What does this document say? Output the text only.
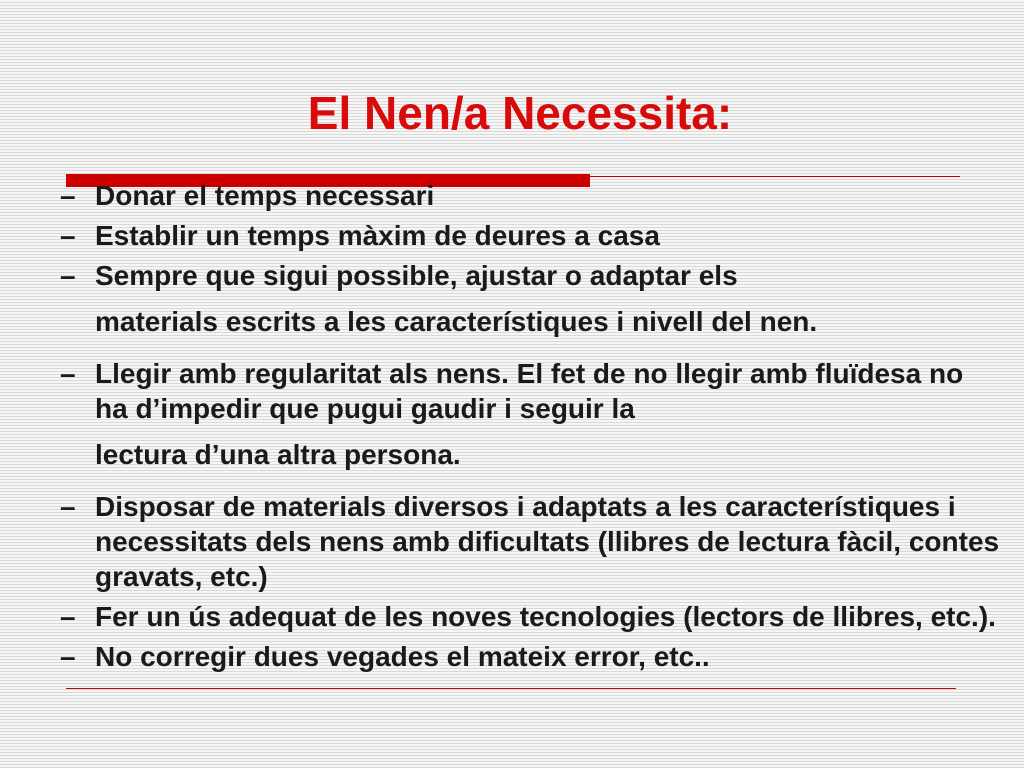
El Nen/a Necessita:
– Donar el temps necessari
– Establir un temps màxim de deures a casa
– Sempre que sigui possible, ajustar o adaptar els
materials escrits a les característiques i nivell del nen.
– Llegir amb regularitat als nens. El fet de no llegir amb fluïdesa no ha d’impedir que pugui gaudir i seguir la
lectura d’una altra persona.
– Disposar de materials diversos i adaptats a les característiques i necessitats dels nens amb dificultats (llibres de lectura fàcil, contes gravats, etc.)
– Fer un ús adequat de les noves tecnologies (lectors de llibres, etc.).
– No corregir dues vegades el mateix error, etc..
